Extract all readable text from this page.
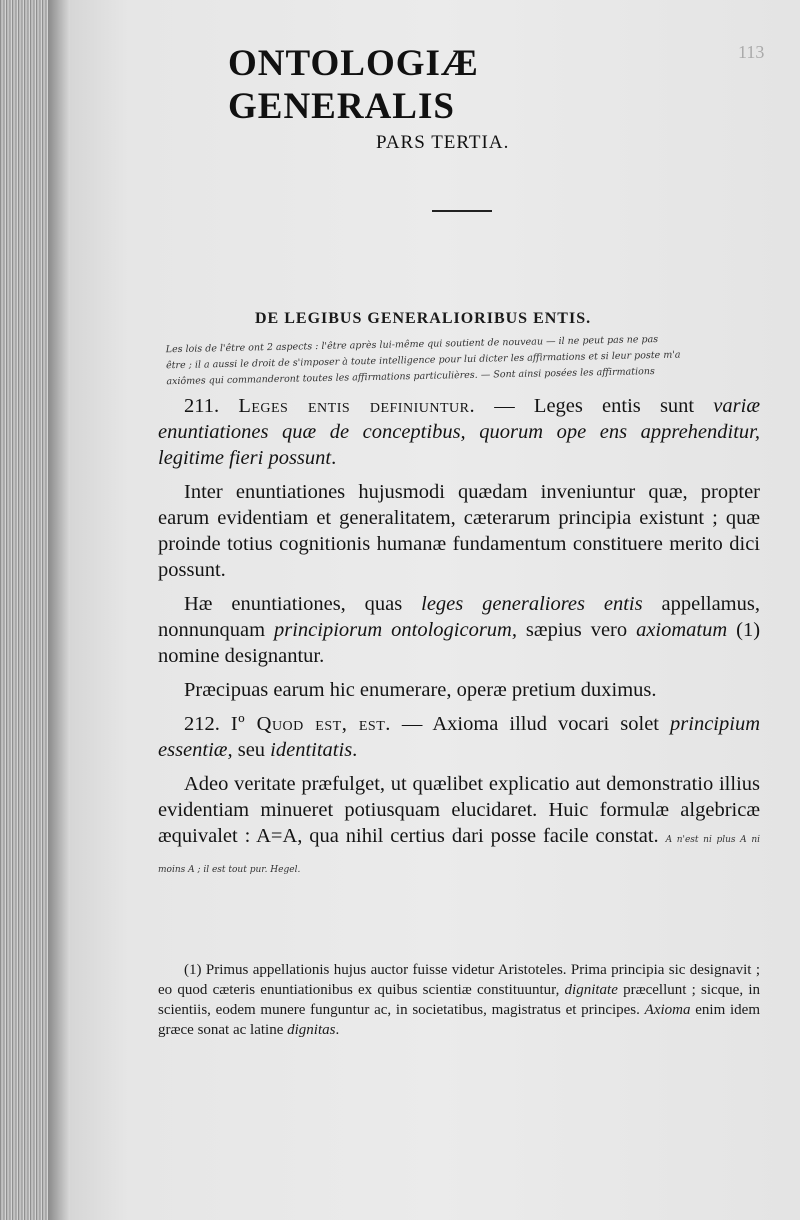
ONTOLOGIÆ GENERALIS
113
PARS TERTIA.
DE LEGIBUS GENERALIORIBUS ENTIS.
Les lois de l'être ont 2 aspects : l'être après lui-même qui soutient de nouveau — il ne peut pas ne pas
être ; il a aussi le droit de s'imposer à toute intelligence pour lui dicter les affirmations et si leur poste m'a
axiômes qui commanderont toutes les affirmations particulières. — Sont ainsi posées les affirmations

211. Leges entis definiuntur. — Leges entis sunt variæ enuntiationes quæ de conceptibus, quorum ope ens apprehenditur, legitime fieri possunt.

Inter enuntiationes hujusmodi quædam inveniuntur quæ, propter earum evidentiam et generalitatem, cæterarum principia existunt ; quæ proinde totius cognitionis humanæ fundamentum constituere merito dici possunt.

Hæ enuntiationes, quas leges generaliores entis appellamus, nonnunquam principiorum ontologicorum, sæpius vero axiomatum (1) nomine designantur.

Præcipuas earum hic enumerare, operæ pretium duximus.

212. Iº Quod est, est. — Axioma illud vocari solet principium essentiæ, seu identitatis.

Adeo veritate præfulget, ut quælibet explicatio aut demonstratio illius evidentiam minueret potiusquam elucidaret. Huic formulæ algebricæ æquivalet : A=A, qua nihil certius dari posse facile constat. A n'est ni plus A ni moins A ; il est tout pur. Hegel.

(1) Primus appellationis hujus auctor fuisse videtur Aristoteles. Prima principia sic designavit ; eo quod cæteris enuntiationibus ex quibus scientiæ constituuntur, dignitate præcellunt ; sicque, in scientiis, eodem munere funguntur ac, in societatibus, magistratus et principes. Axioma enim idem græce sonat ac latine dignitas.
